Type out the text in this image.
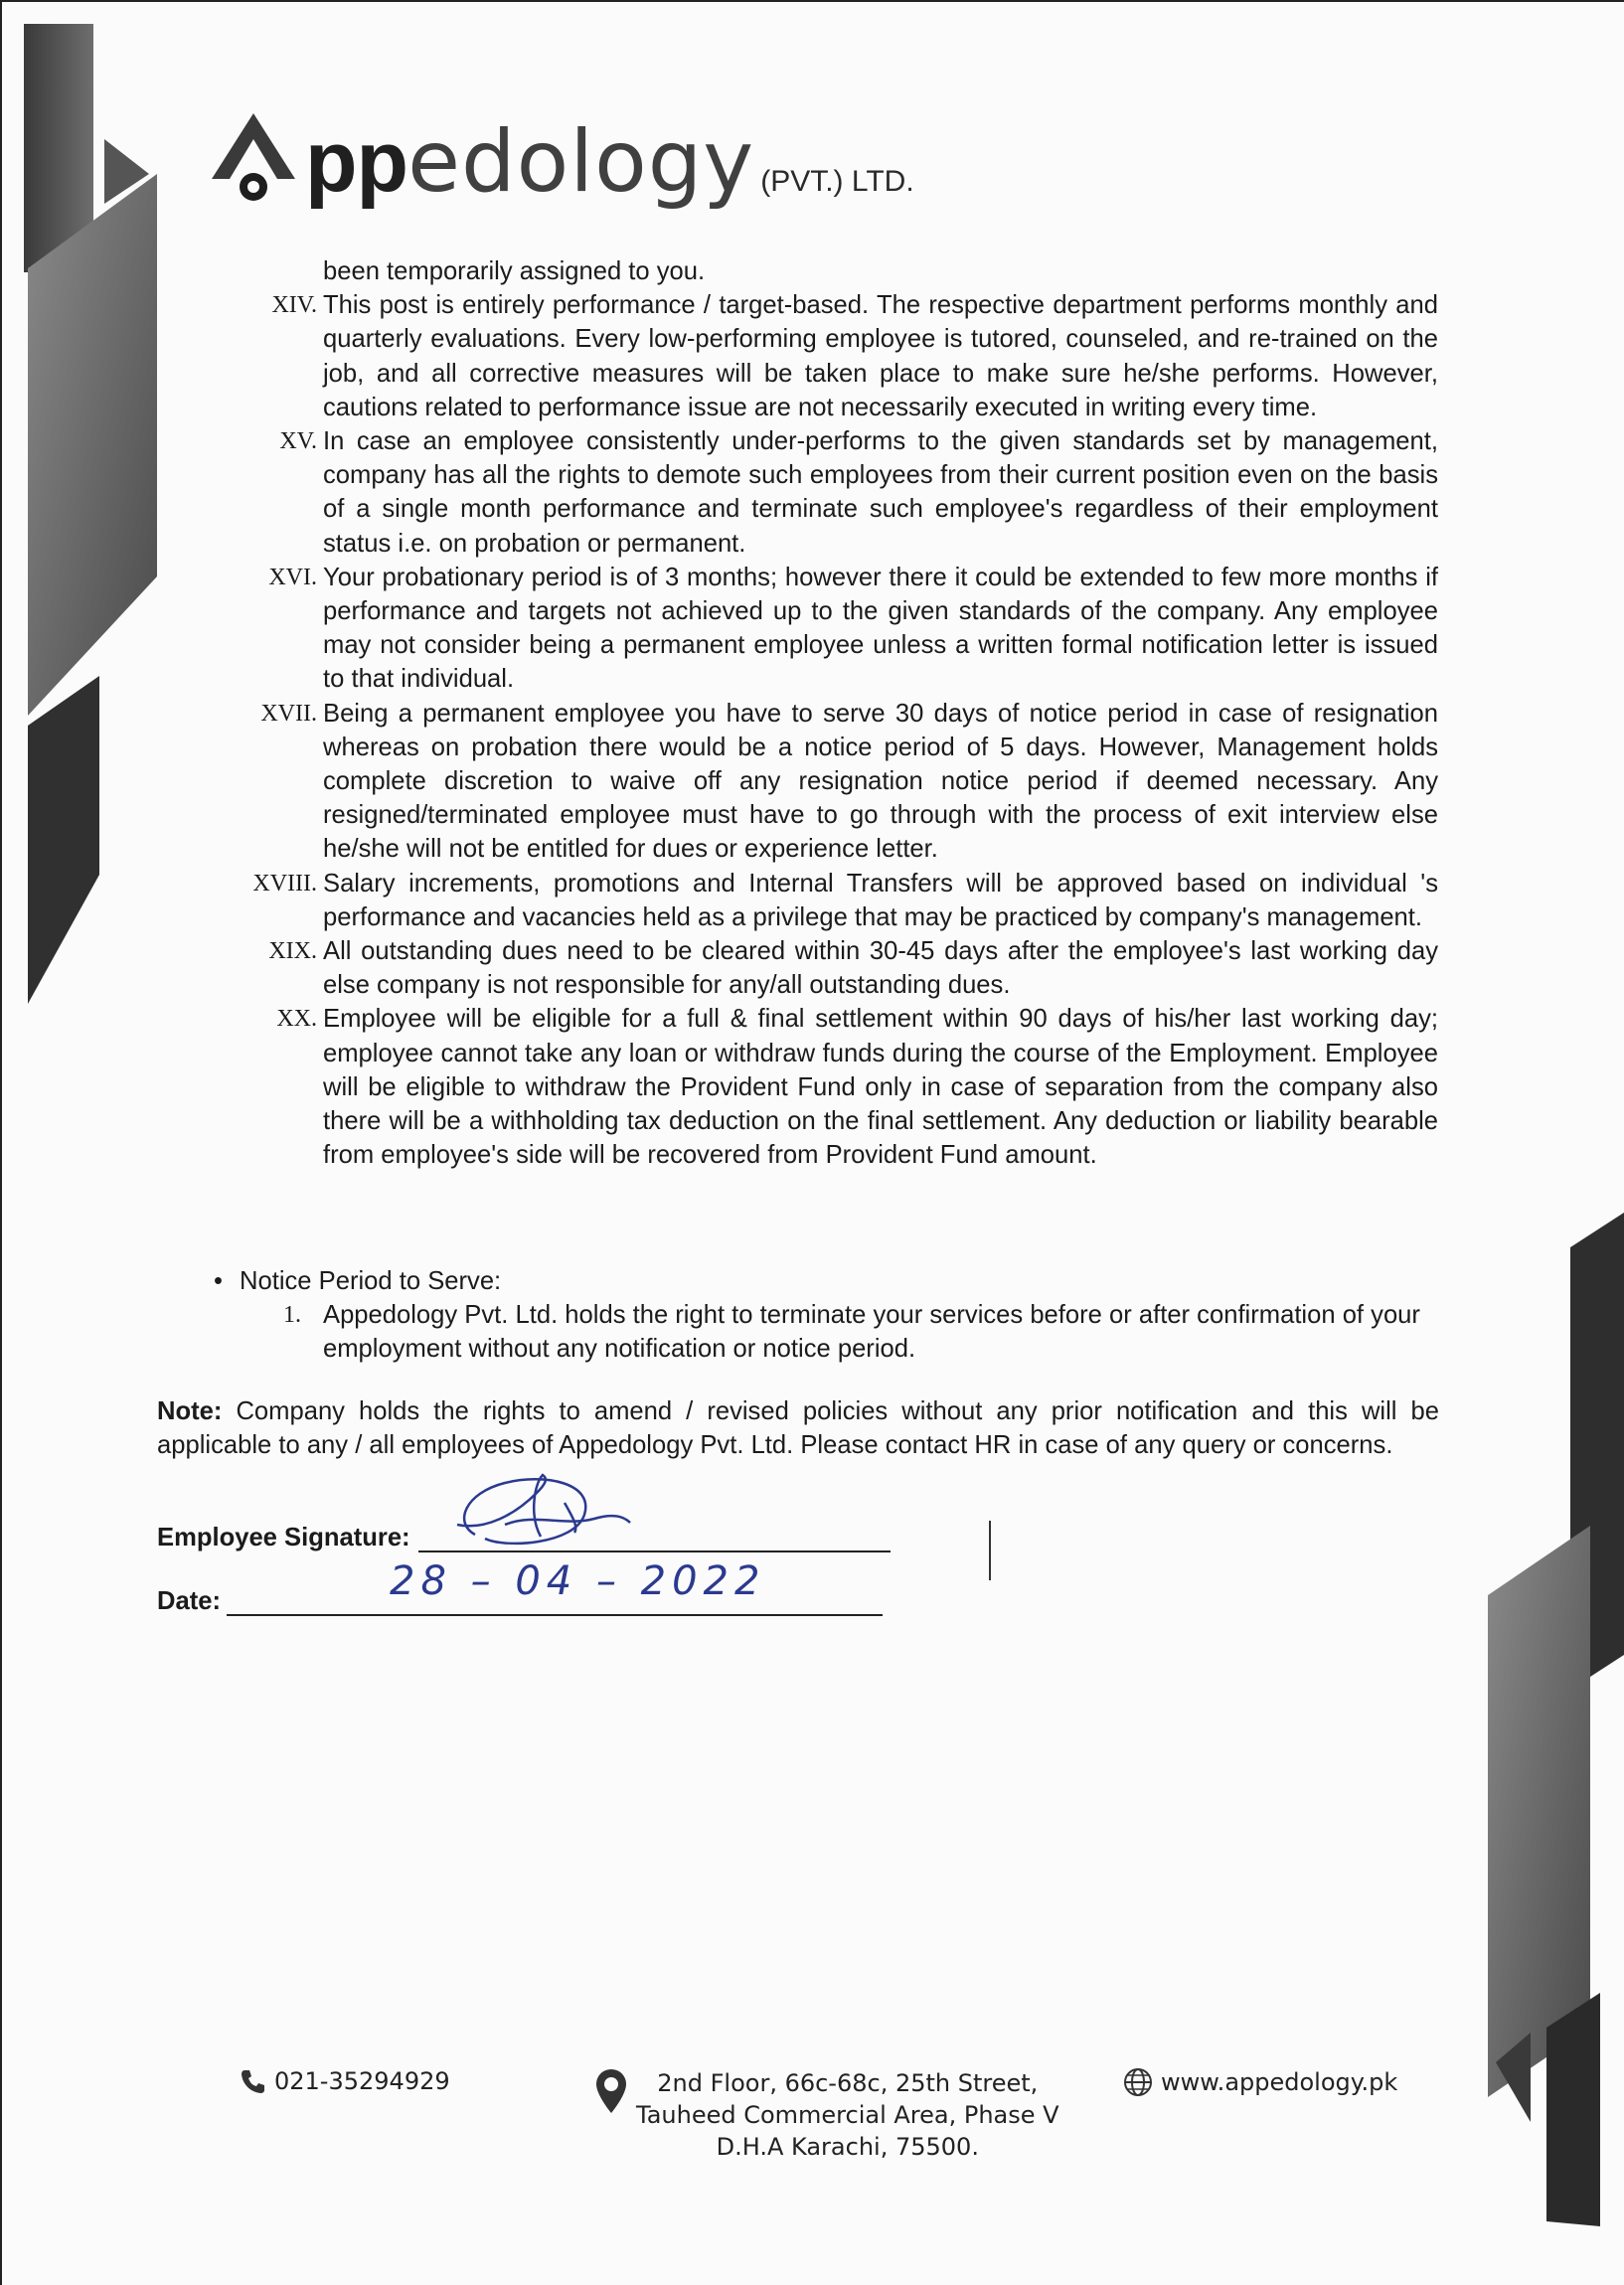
pp edology (PVT.) LTD.
been temporarily assigned to you.
XIV. This post is entirely performance / target-based. The respective department performs monthly and quarterly evaluations. Every low-performing employee is tutored, counseled, and re-trained on the job, and all corrective measures will be taken place to make sure he/she performs. However, cautions related to performance issue are not necessarily executed in writing every time.
XV. In case an employee consistently under-performs to the given standards set by management, company has all the rights to demote such employees from their current position even on the basis of a single month performance and terminate such employee's regardless of their employment status i.e. on probation or permanent.
XVI. Your probationary period is of 3 months; however there it could be extended to few more months if performance and targets not achieved up to the given standards of the company. Any employee may not consider being a permanent employee unless a written formal notification letter is issued to that individual.
XVII. Being a permanent employee you have to serve 30 days of notice period in case of resignation whereas on probation there would be a notice period of 5 days. However, Management holds complete discretion to waive off any resignation notice period if deemed necessary. Any resigned/terminated employee must have to go through with the process of exit interview else he/she will not be entitled for dues or experience letter.
XVIII. Salary increments, promotions and Internal Transfers will be approved based on individual 's performance and vacancies held as a privilege that may be practiced by company's management.
XIX. All outstanding dues need to be cleared within 30-45 days after the employee's last working day else company is not responsible for any/all outstanding dues.
XX. Employee will be eligible for a full & final settlement within 90 days of his/her last working day; employee cannot take any loan or withdraw funds during the course of the Employment. Employee will be eligible to withdraw the Provident Fund only in case of separation from the company also there will be a withholding tax deduction on the final settlement. Any deduction or liability bearable from employee's side will be recovered from Provident Fund amount.
• Notice Period to Serve:
1. Appedology Pvt. Ltd. holds the right to terminate your services before or after confirmation of your employment without any notification or notice period.
Note: Company holds the rights to amend / revised policies without any prior notification and this will be applicable to any / all employees of Appedology Pvt. Ltd. Please contact HR in case of any query or concerns.
Employee Signature:
Date:	28 – 04 – 2022
021-35294929	2nd Floor, 66c-68c, 25th Street,
Tauheed Commercial Area, Phase V
D.H.A Karachi, 75500.
www.appedology.pk
